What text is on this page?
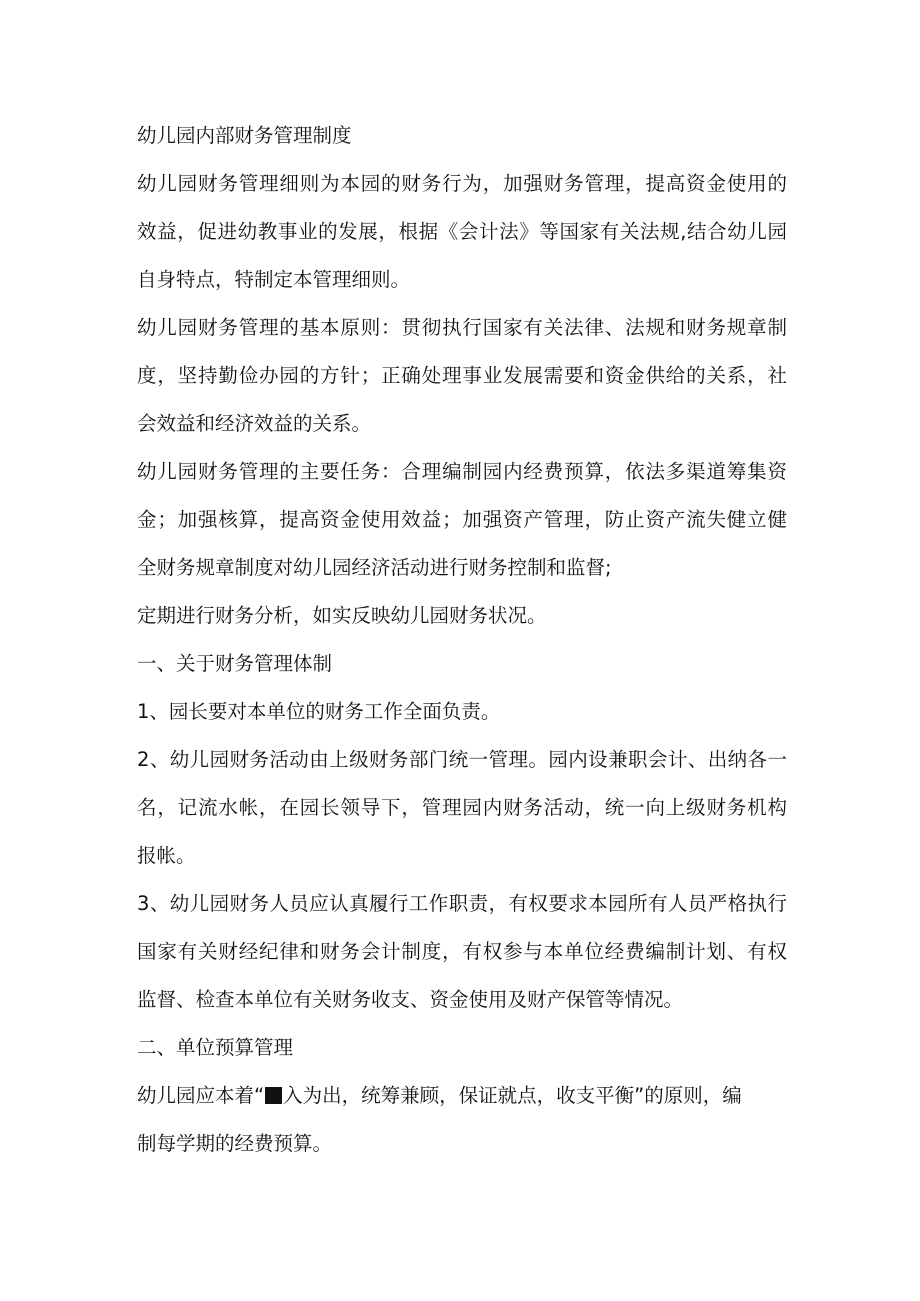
幼儿园内部财务管理制度
幼儿园财务管理细则为本园的财务行为，加强财务管理，提高资金使用的
效益，促进幼教事业的发展，根据《会计法》等国家有关法规,结合幼儿园
自身特点，特制定本管理细则。
幼儿园财务管理的基本原则：贯彻执行国家有关法律、法规和财务规章制
度，坚持勤俭办园的方针；正确处理事业发展需要和资金供给的关系，社
会效益和经济效益的关系。
幼儿园财务管理的主要任务：合理编制园内经费预算，依法多渠道筹集资
金；加强核算，提高资金使用效益；加强资产管理，防止资产流失健立健
全财务规章制度对幼儿园经济活动进行财务控制和监督;
定期进行财务分析，如实反映幼儿园财务状况。
一、关于财务管理体制
1、园长要对本单位的财务工作全面负责。
2、幼儿园财务活动由上级财务部门统一管理。园内设兼职会计、出纳各一
名，记流水帐，在园长领导下，管理园内财务活动，统一向上级财务机构
报帐。
3、幼儿园财务人员应认真履行工作职责，有权要求本园所有人员严格执行
国家有关财经纪律和财务会计制度，有权参与本单位经费编制计划、有权
监督、检查本单位有关财务收支、资金使用及财产保管等情况。
二、单位预算管理
幼儿园应本着“ 入为出，统筹兼顾，保证就点，收支平衡”的原则，编
制每学期的经费预算。
